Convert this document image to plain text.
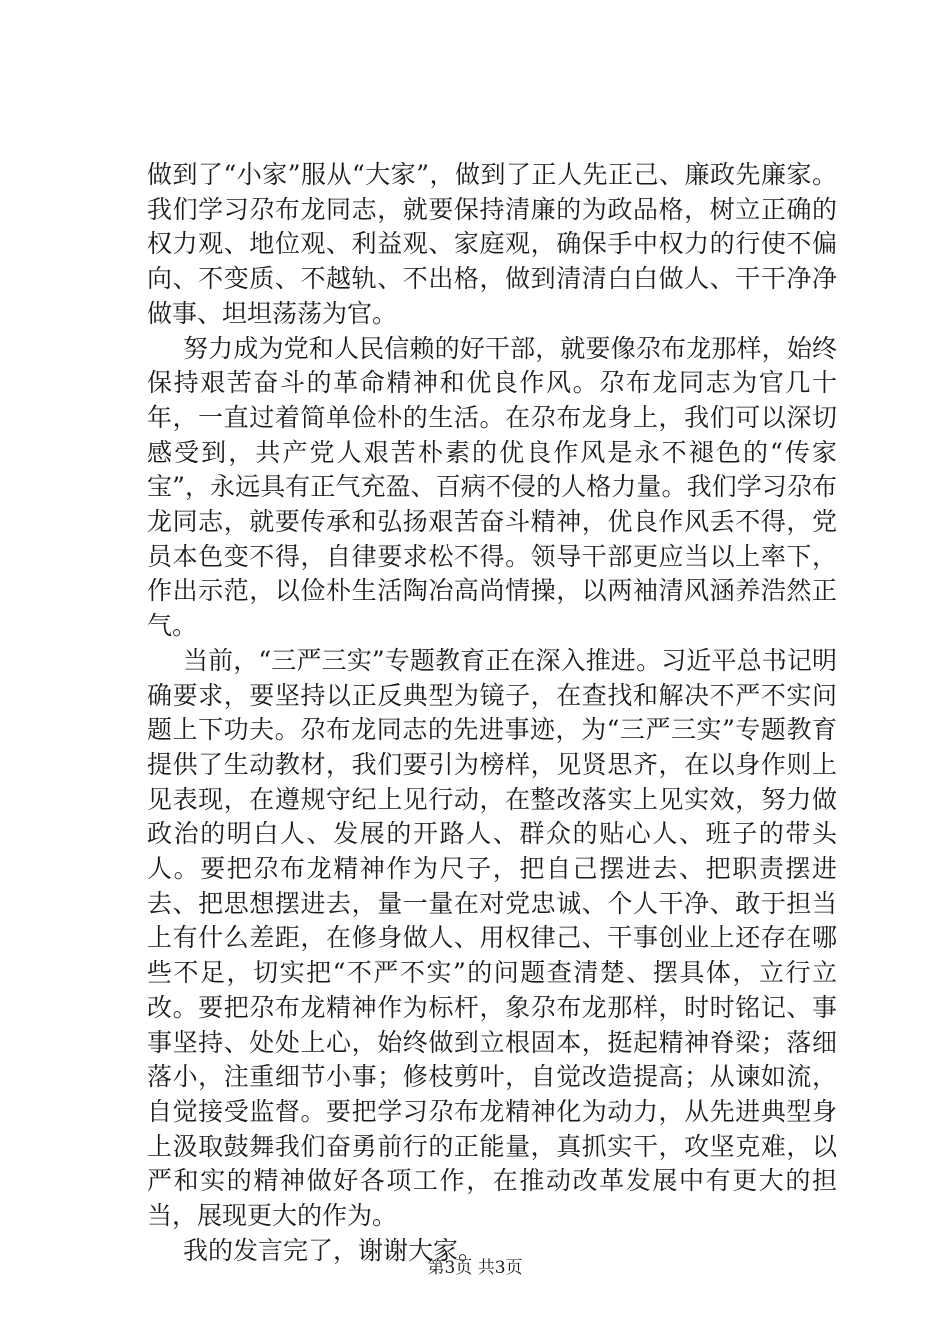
做到了“小家”服从“大家”，做到了正人先正己、廉政先廉家。我们学习尕布龙同志，就要保持清廉的为政品格，树立正确的权力观、地位观、利益观、家庭观，确保手中权力的行使不偏向、不变质、不越轨、不出格，做到清清白白做人、干干净净做事、坦坦荡荡为官。

努力成为党和人民信赖的好干部，就要像尕布龙那样，始终保持艰苦奋斗的革命精神和优良作风。尕布龙同志为官几十年，一直过着简单俭朴的生活。在尕布龙身上，我们可以深切感受到，共产党人艰苦朴素的优良作风是永不褪色的“传家宝”，永远具有正气充盈、百病不侵的人格力量。我们学习尕布龙同志，就要传承和弘扬艰苦奋斗精神，优良作风丢不得，党员本色变不得，自律要求松不得。领导干部更应当以上率下，作出示范，以俭朴生活陶冶高尚情操，以两袖清风涵养浩然正气。

当前，“三严三实”专题教育正在深入推进。习近平总书记明确要求，要坚持以正反典型为镜子，在查找和解决不严不实问题上下功夫。尕布龙同志的先进事迹，为“三严三实”专题教育提供了生动教材，我们要引为榜样，见贤思齐，在以身作则上见表现，在遵规守纪上见行动，在整改落实上见实效，努力做政治的明白人、发展的开路人、群众的贴心人、班子的带头人。要把尕布龙精神作为尺子，把自己摆进去、把职责摆进去、把思想摆进去，量一量在对党忠诚、个人干净、敢于担当上有什么差距，在修身做人、用权律己、干事创业上还存在哪些不足，切实把“不严不实”的问题查清楚、摆具体，立行立改。要把尕布龙精神作为标杆，象尕布龙那样，时时铭记、事事坚持、处处上心，始终做到立根固本，挺起精神脊梁；落细落小，注重细节小事；修枝剪叶，自觉改造提高；从谏如流，自觉接受监督。要把学习尕布龙精神化为动力，从先进典型身上汲取鼓舞我们奋勇前行的正能量，真抓实干，攻坚克难，以严和实的精神做好各项工作，在推动改革发展中有更大的担当，展现更大的作为。

我的发言完了，谢谢大家。

第3页 共3页
